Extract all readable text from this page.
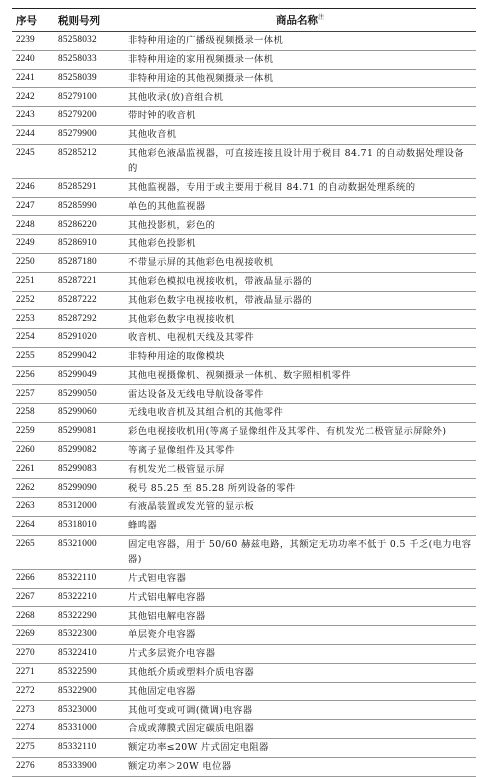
序号	税则号列	商品名称$^注$
2239	85258032	非特种用途的广播级视频摄录一体机
2240	85258033	非特种用途的家用视频摄录一体机
2241	85258039	非特种用途的其他视频摄录一体机
2242	85279100	其他收录(放)音组合机
2243	85279200	带时钟的收音机
2244	85279900	其他收音机
2245	85285212	其他彩色液晶监视器，可直接连接且设计用于税目 84.71 的自动数据处理设备的
2246	85285291	其他监视器，专用于或主要用于税目 84.71 的自动数据处理系统的
2247	85285990	单色的其他监视器
2248	85286220	其他投影机，彩色的
2249	85286910	其他彩色投影机
2250	85287180	不带显示屏的其他彩色电视接收机
2251	85287221	其他彩色模拟电视接收机，带液晶显示器的
2252	85287222	其他彩色数字电视接收机，带液晶显示器的
2253	85287292	其他彩色数字电视接收机
2254	85291020	收音机、电视机天线及其零件
2255	85299042	非特种用途的取像模块
2256	85299049	其他电视摄像机、视频摄录一体机、数字照相机零件
2257	85299050	雷达设备及无线电导航设备零件
2258	85299060	无线电收音机及其组合机的其他零件
2259	85299081	彩色电视接收机用(等离子显像组件及其零件、有机发光二极管显示屏除外)
2260	85299082	等离子显像组件及其零件
2261	85299083	有机发光二极管显示屏
2262	85299090	税号 85.25 至 85.28 所列设备的零件
2263	85312000	有液晶装置或发光管的显示板
2264	85318010	蜂鸣器
2265	85321000	固定电容器，用于 50/60 赫兹电路，其额定无功功率不低于 0.5 千乏(电力电容器)
2266	85322110	片式钽电容器
2267	85322210	片式铝电解电容器
2268	85322290	其他铝电解电容器
2269	85322300	单层瓷介电容器
2270	85322410	片式多层瓷介电容器
2271	85322590	其他纸介质或塑料介质电容器
2272	85322900	其他固定电容器
2273	85323000	其他可变或可调(微调)电容器
2274	85331000	合成或薄膜式固定碳质电阻器
2275	85332110	额定功率≤20W 片式固定电阻器
2276	85333900	额定功率＞20W 电位器
